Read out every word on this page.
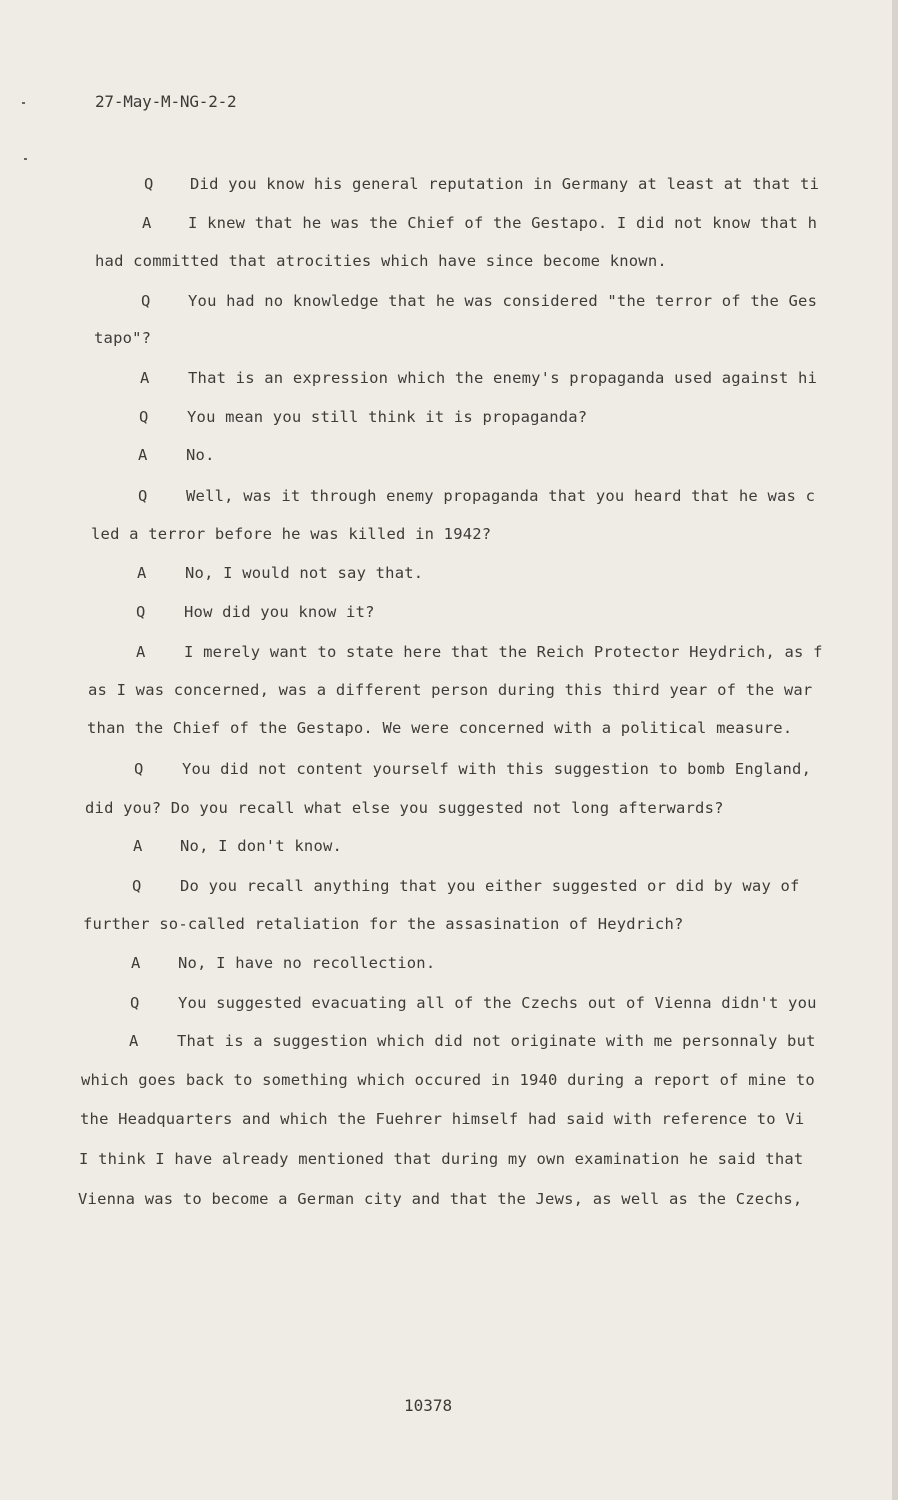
27-May-M-NG-2-2
Q Did you know his general reputation in Germany at least at that ti
A I knew that he was the Chief of the Gestapo. I did not know that h
had committed that atrocities which have since become known.
Q You had no knowledge that he was considered "the terror of the Ges
tapo"?
A That is an expression which the enemy's propaganda used against hi
Q You mean you still think it is propaganda?
A No.
Q Well, was it through enemy propaganda that you heard that he was c
led a terror before he was killed in 1942?
A No, I would not say that.
Q How did you know it?
A I merely want to state here that the Reich Protector Heydrich, as f
as I was concerned, was a different person during this third year of the war
than the Chief of the Gestapo. We were concerned with a political measure.
Q You did not content yourself with this suggestion to bomb England,
did you? Do you recall what else you suggested not long afterwards?
A No, I don't know.
Q Do you recall anything that you either suggested or did by way of
further so-called retaliation for the assasination of Heydrich?
A No, I have no recollection.
Q You suggested evacuating all of the Czechs out of Vienna didn't you
A That is a suggestion which did not originate with me personnaly but
which goes back to something which occured in 1940 during a report of mine to
the Headquarters and which the Fuehrer himself had said with reference to Vi
I think I have already mentioned that during my own examination he said that
Vienna was to become a German city and that the Jews, as well as the Czechs,
10378
